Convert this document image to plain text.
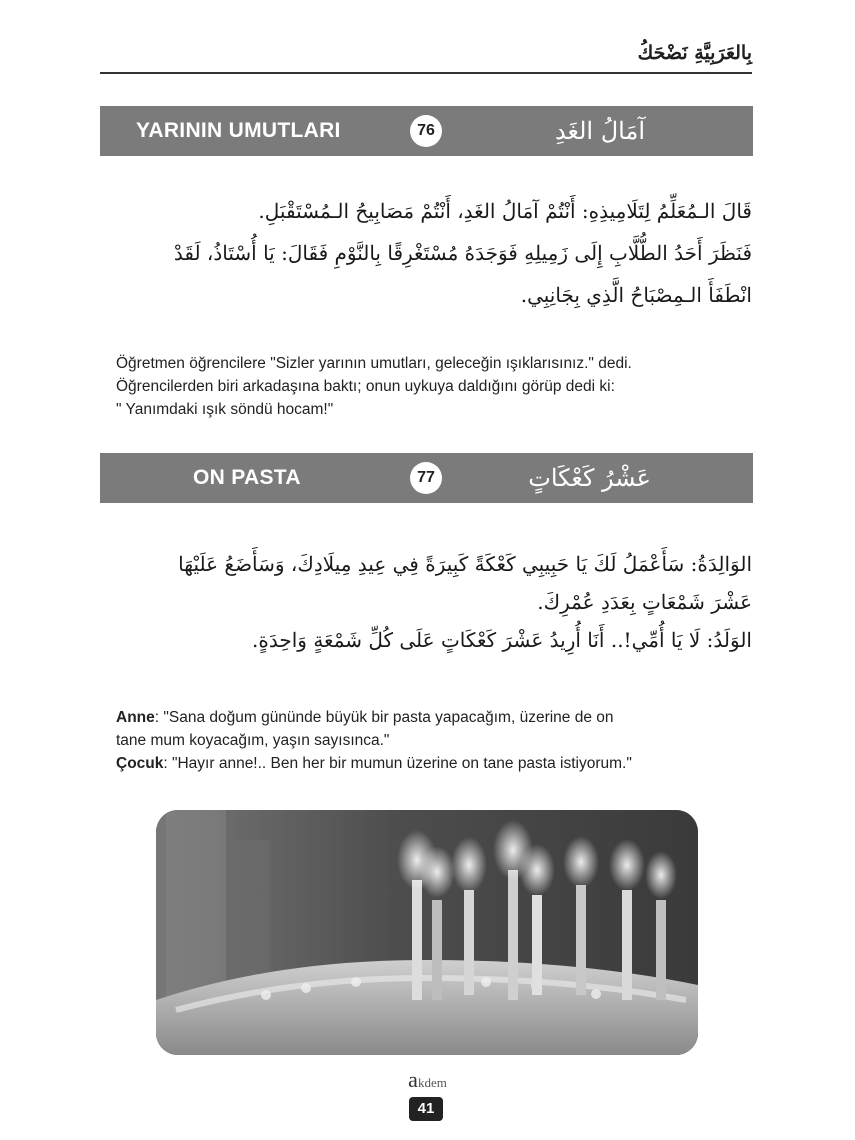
بِالعَرَبِيَّةِ نَضْحَكُ
YARININ UMUTLARI	76	آمَالُ الغَدِ

قَالَ الـمُعَلِّمُ لِتَلَامِيذِهِ: أَنْتُمْ آمَالُ الغَدِ، أَنْتُمْ مَصَابِيحُ الـمُسْتَقْبَلِ.

فَنَظَرَ أَحَدُ الطُّلَّابِ إِلَى زَمِيلِهِ فَوَجَدَهُ مُسْتَغْرِقًا بِالنَّوْمِ فَقَالَ: يَا أُسْتَاذُ، لَقَدْ

انْطَفَأَ الـمِصْبَاحُ الَّذِي بِجَانِبِي.

Öğretmen öğrencilere "Sizler yarının umutları, geleceğin ışıklarısınız." dedi.

Öğrencilerden biri arkadaşına baktı; onun uykuya daldığını görüp dedi ki:

" Yanımdaki ışık söndü hocam!"

ON PASTA	77	عَشْرُ كَعْكَاتٍ

الوَالِدَةُ: سَأَعْمَلُ لَكَ يَا حَبِيبِي كَعْكَةً كَبِيرَةً فِي عِيدِ مِيلَادِكَ، وَسَأَضَعُ عَلَيْهَا

عَشْرَ شَمْعَاتٍ بِعَدَدِ عُمْرِكَ.

الوَلَدُ: لَا يَا أُمِّي!.. أَنَا أُرِيدُ عَشْرَ كَعْكَاتٍ عَلَى كُلِّ شَمْعَةٍ وَاحِدَةٍ.

Anne: "Sana doğum gününde büyük bir pasta yapacağım, üzerine de on

tane mum koyacağım, yaşın sayısınca."

Çocuk: "Hayır anne!.. Ben her bir mumun üzerine on tane pasta istiyorum."

akdem
41
